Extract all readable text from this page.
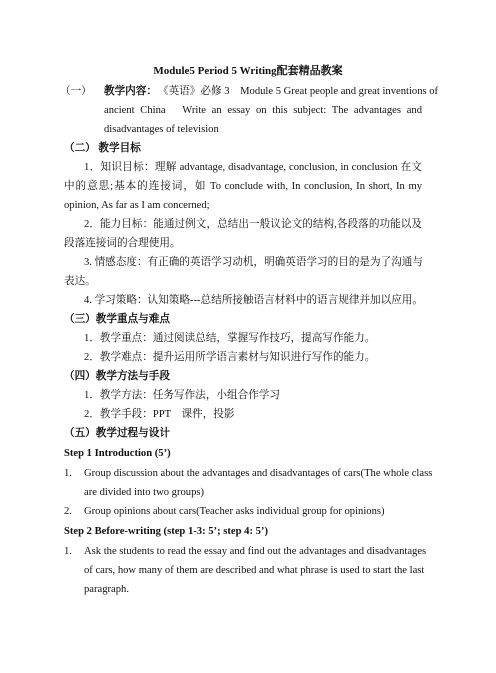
Module5 Period 5 Writing配套精品教案
（一） 教学内容： 《英语》必修 3　Module 5 Great people and great inventions of
ancient China　Write an essay on this subject: The advantages and
disadvantages of television
（二） 教学目标
1．知识目标：理解 advantage, disadvantage, conclusion, in conclusion 在文
中的意思;基本的连接词，如 To conclude with, In conclusion, In short, In my
opinion, As far as I am concerned;
2．能力目标：能通过例文，总结出一般议论文的结构,各段落的功能以及
段落连接词的合理使用。
3. 情感态度：有正确的英语学习动机，明确英语学习的目的是为了沟通与
表达。
4. 学习策略：认知策略---总结所接触语言材料中的语言规律并加以应用。
（三）教学重点与难点
1．教学重点：通过阅读总结，掌握写作技巧，提高写作能力。
2．教学难点：提升运用所学语言素材与知识进行写作的能力。
（四）教学方法与手段
1．教学方法：任务写作法，小组合作学习
2．教学手段：PPT　课件，投影
（五）教学过程与设计
Step 1 Introduction (5’)
1. Group discussion about the advantages and disadvantages of cars(The whole class
are divided into two groups)
2. Group opinions about cars(Teacher asks individual group for opinions)
Step 2 Before-writing (step 1-3: 5’; step 4: 5’)
1. Ask the students to read the essay and find out the advantages and disadvantages
of cars, how many of them are described and what phrase is used to start the last
paragraph.
